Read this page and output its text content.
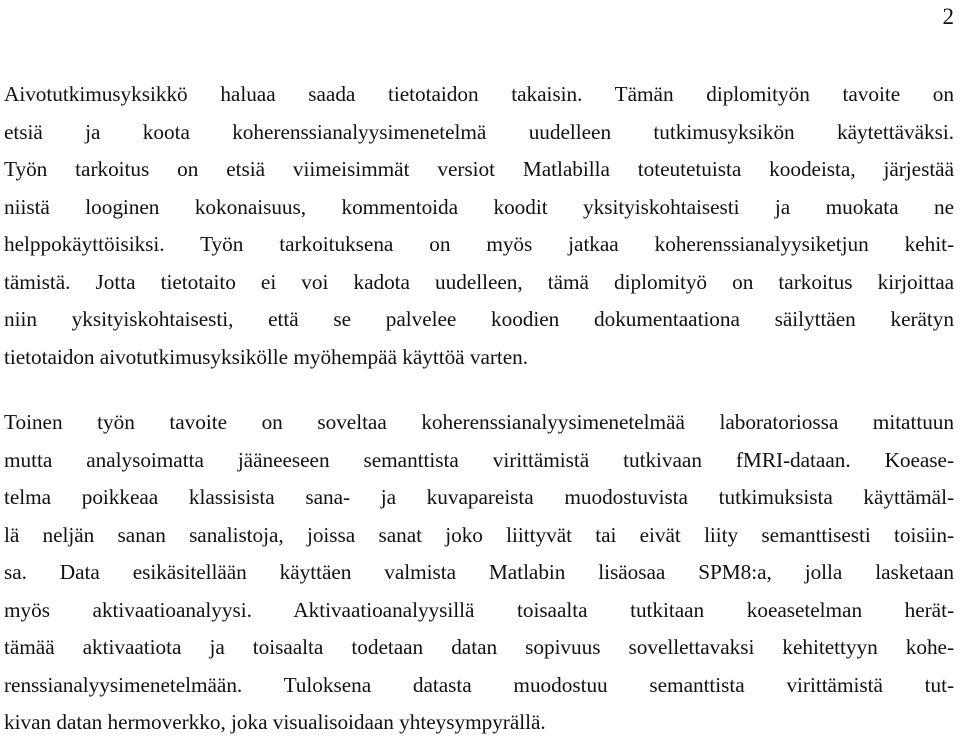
2
Aivotutkimusyksikkö haluaa saada tietotaidon takaisin. Tämän diplomityön tavoite on
etsiä ja koota koherenssianalyysimenetelmä uudelleen tutkimusyksikön käytettäväksi.
Työn tarkoitus on etsiä viimeisimmät versiot Matlabilla toteutetuista koodeista, järjestää
niistä looginen kokonaisuus, kommentoida koodit yksityiskohtaisesti ja muokata ne
helppokäyttöisiksi. Työn tarkoituksena on myös jatkaa koherenssianalyysiketjun kehit-
tämistä. Jotta tietotaito ei voi kadota uudelleen, tämä diplomityö on tarkoitus kirjoittaa
niin yksityiskohtaisesti, että se palvelee koodien dokumentaationa säilyttäen kerätyn
tietotaidon aivotutkimusyksikölle myöhempää käyttöä varten.
Toinen työn tavoite on soveltaa koherenssianalyysimenetelmää laboratoriossa mitattuun
mutta analysoimatta jääneeseen semanttista virittämistä tutkivaan fMRI-dataan. Koease-
telma poikkeaa klassisista sana- ja kuvapareista muodostuvista tutkimuksista käyttämäl-
lä neljän sanan sanalistoja, joissa sanat joko liittyvät tai eivät liity semanttisesti toisiin-
sa. Data esikäsitellään käyttäen valmista Matlabin lisäosaa SPM8:a, jolla lasketaan
myös aktivaatioanalyysi. Aktivaatioanalyysillä toisaalta tutkitaan koeasetelman herät-
tämää aktivaatiota ja toisaalta todetaan datan sopivuus sovellettavaksi kehitettyyn kohe-
renssianalyysimenetelmään. Tuloksena datasta muodostuu semanttista virittämistä tut-
kivan datan hermoverkko, joka visualisoidaan yhteysympyrällä.
